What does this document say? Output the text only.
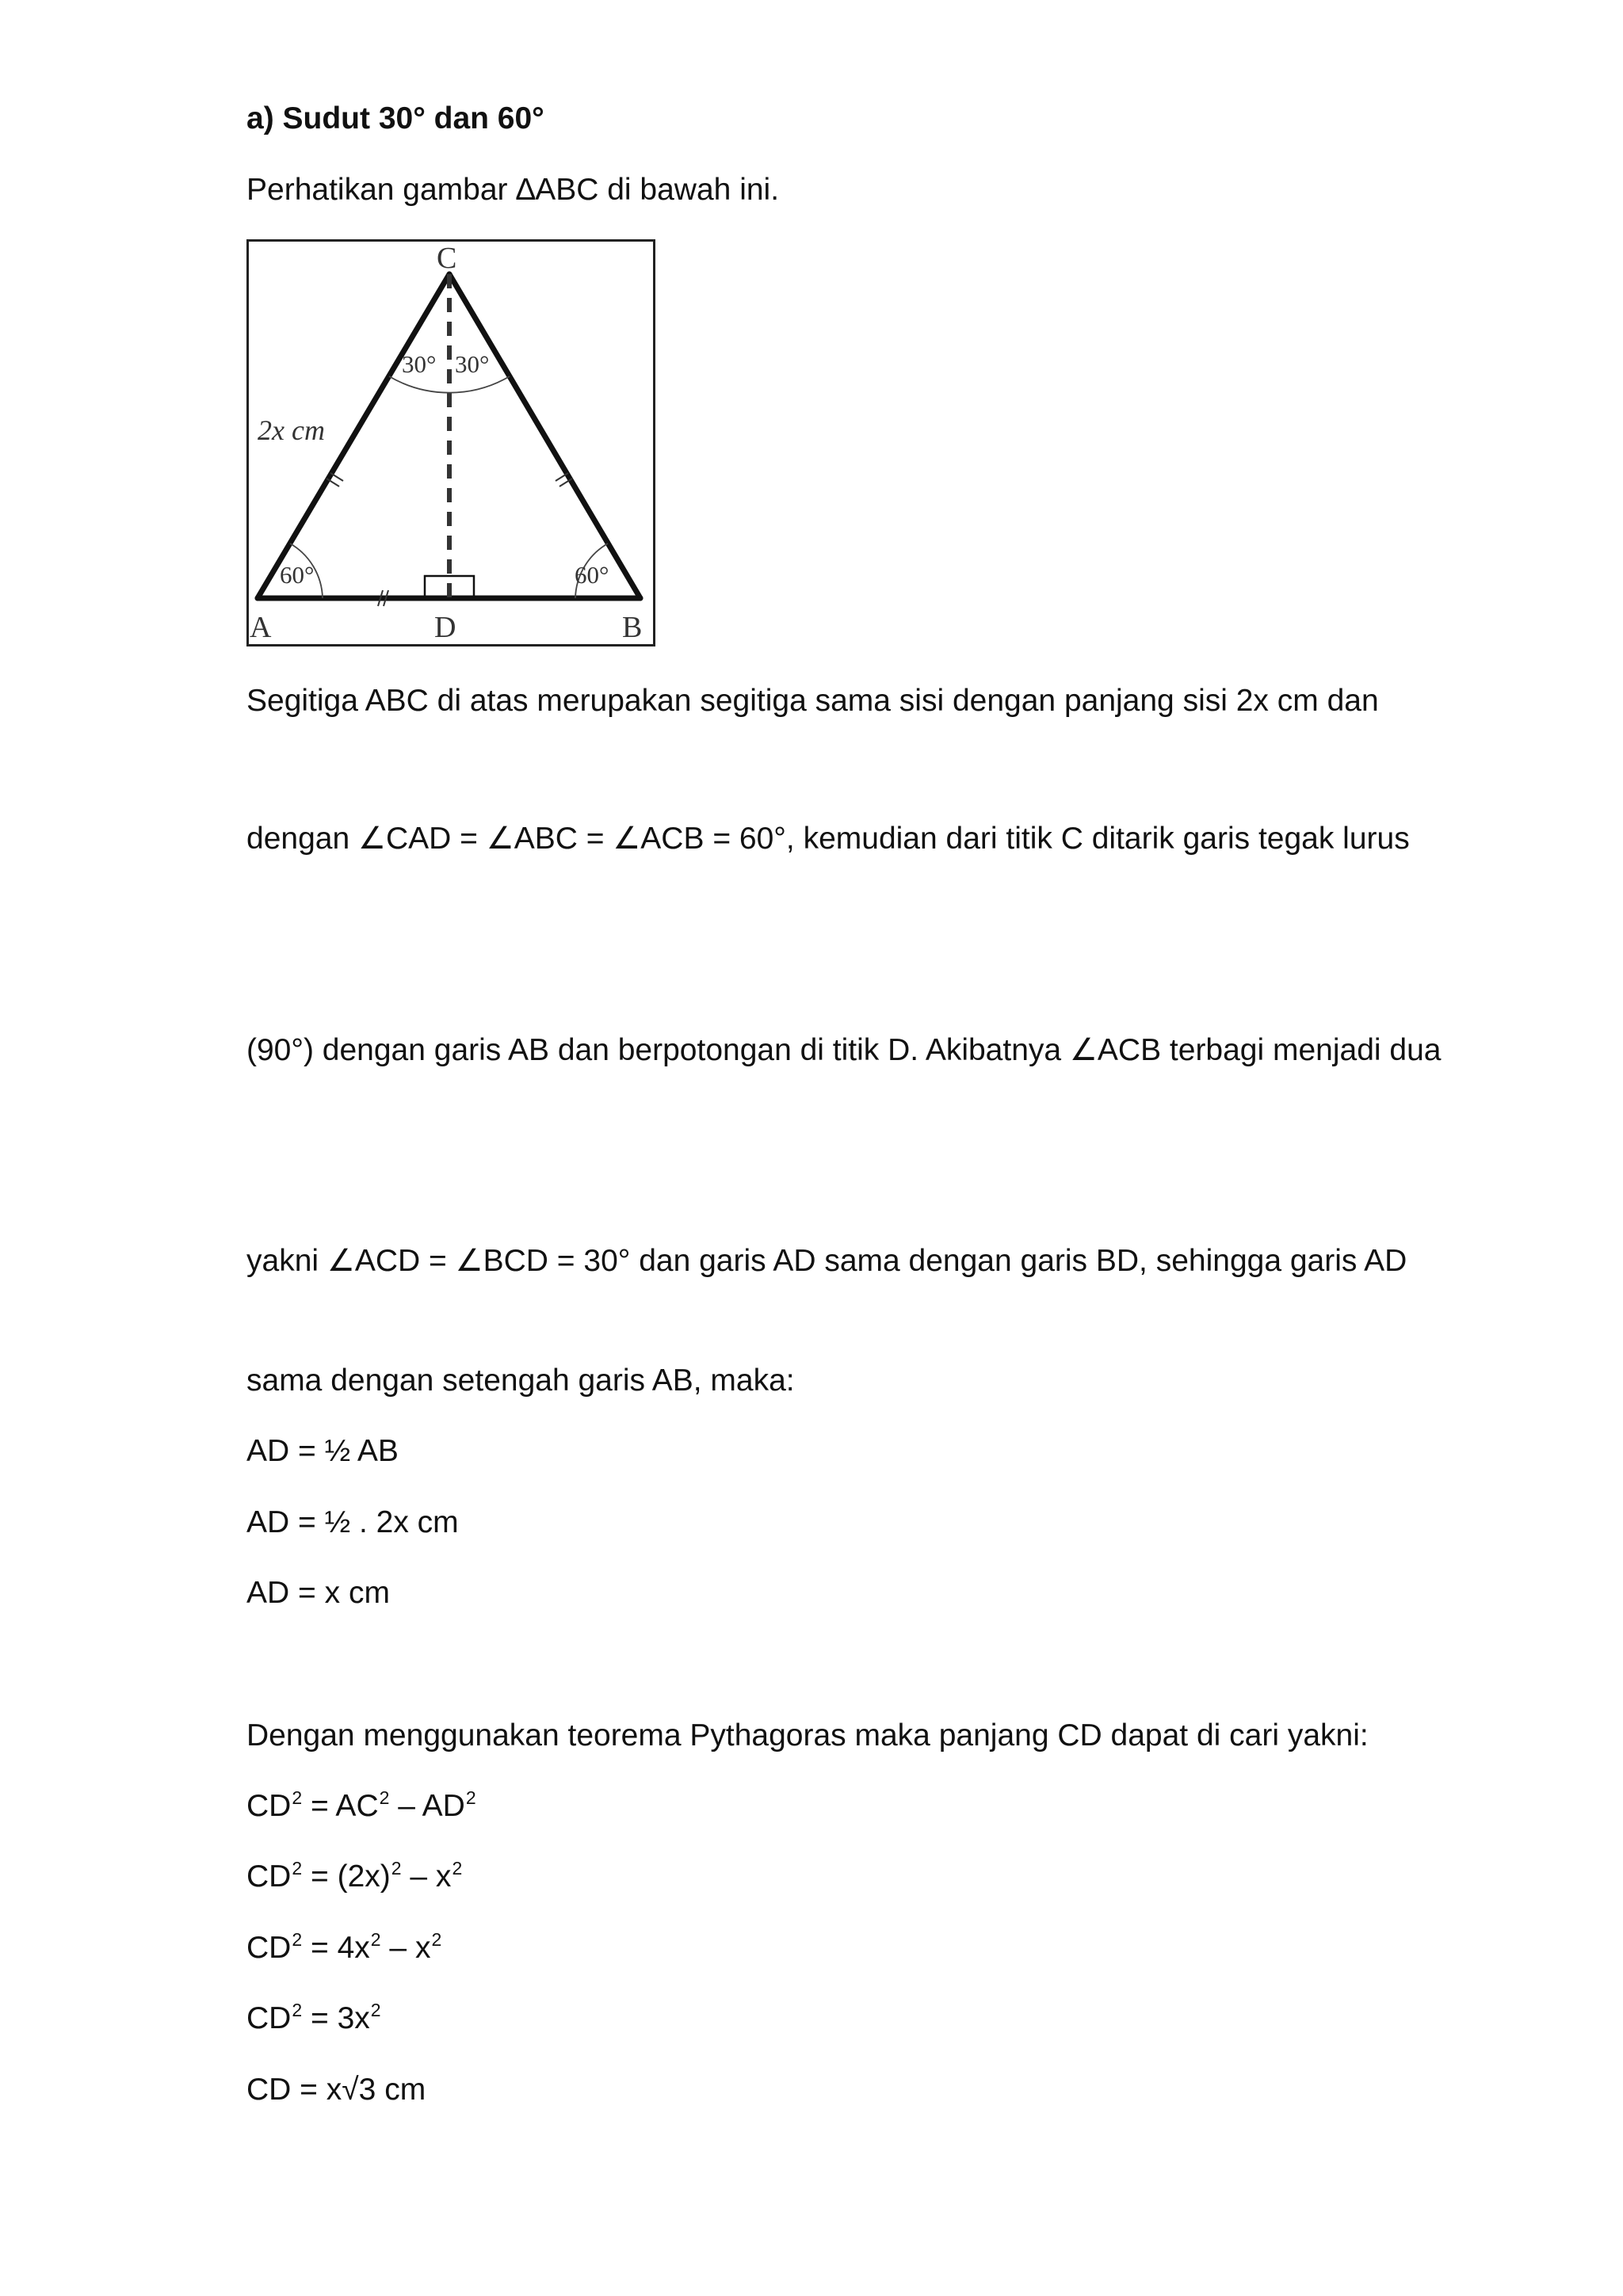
a) Sudut 30° dan 60°
Perhatikan gambar ∆ABC di bawah ini.
C
A	D	B
2x cm
60°	60°
30° 30°
Segitiga ABC di atas merupakan segitiga sama sisi dengan panjang sisi 2x cm dan
dengan ∠CAD = ∠ABC = ∠ACB = 60°, kemudian dari titik C ditarik garis tegak lurus
(90°) dengan garis AB dan berpotongan di titik D. Akibatnya ∠ACB terbagi menjadi dua
yakni ∠ACD = ∠BCD = 30° dan garis AD sama dengan garis BD, sehingga garis AD
sama dengan setengah garis AB, maka:
AD = ½ AB
AD = ½ . 2x cm
AD = x cm
Dengan menggunakan teorema Pythagoras maka panjang CD dapat di cari yakni:
$CD^2 = AC^2 - AD^2$
$CD^2 = (2x)^2 - x^2$
$CD^2 = 4x^2 - x^2$
$CD^2 = 3x^2$
CD = x√3 cm
